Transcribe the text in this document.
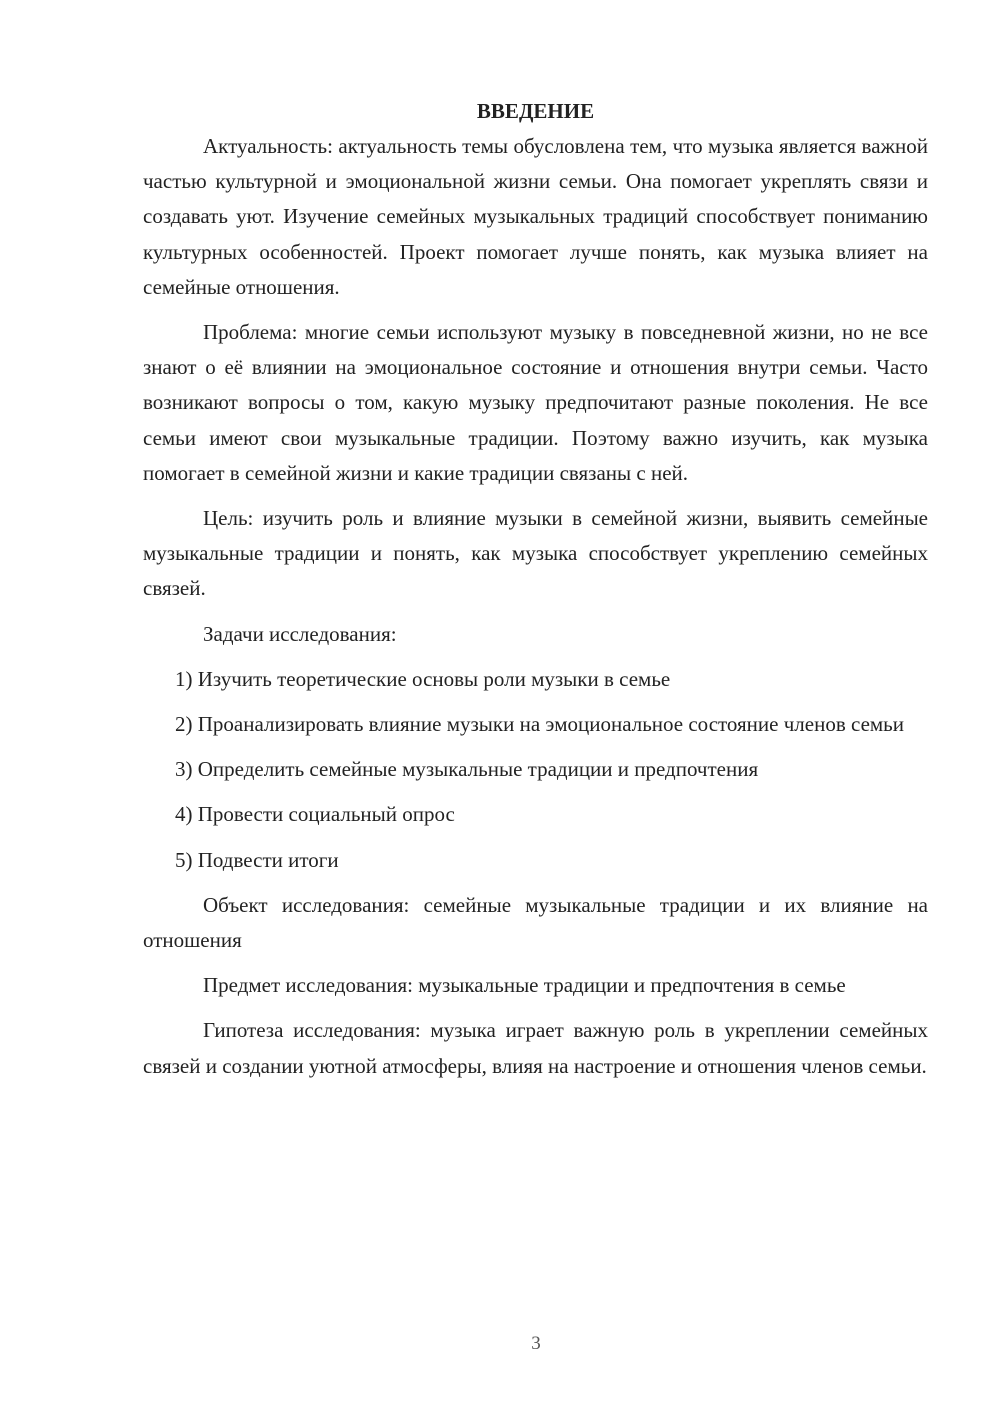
ВВЕДЕНИЕ

Актуальность: актуальность темы обусловлена тем, что музыка является важной частью культурной и эмоциональной жизни семьи. Она помогает укреплять связи и создавать уют. Изучение семейных музыкальных традиций способствует пониманию культурных особенностей. Проект помогает лучше понять, как музыка влияет на семейные отношения.

Проблема: многие семьи используют музыку в повседневной жизни, но не все знают о её влиянии на эмоциональное состояние и отношения внутри семьи. Часто возникают вопросы о том, какую музыку предпочитают разные поколения. Не все семьи имеют свои музыкальные традиции. Поэтому важно изучить, как музыка помогает в семейной жизни и какие традиции связаны с ней.

Цель: изучить роль и влияние музыки в семейной жизни, выявить семейные музыкальные традиции и понять, как музыка способствует укреплению семейных связей.

Задачи исследования:

1) Изучить теоретические основы роли музыки в семье

2) Проанализировать влияние музыки на эмоциональное состояние членов семьи

3) Определить семейные музыкальные традиции и предпочтения

4) Провести социальный опрос

5) Подвести итоги

Объект исследования: семейные музыкальные традиции и их влияние на отношения

Предмет исследования: музыкальные традиции и предпочтения в семье

Гипотеза исследования: музыка играет важную роль в укреплении семейных связей и создании уютной атмосферы, влияя на настроение и отношения членов семьи.

3
